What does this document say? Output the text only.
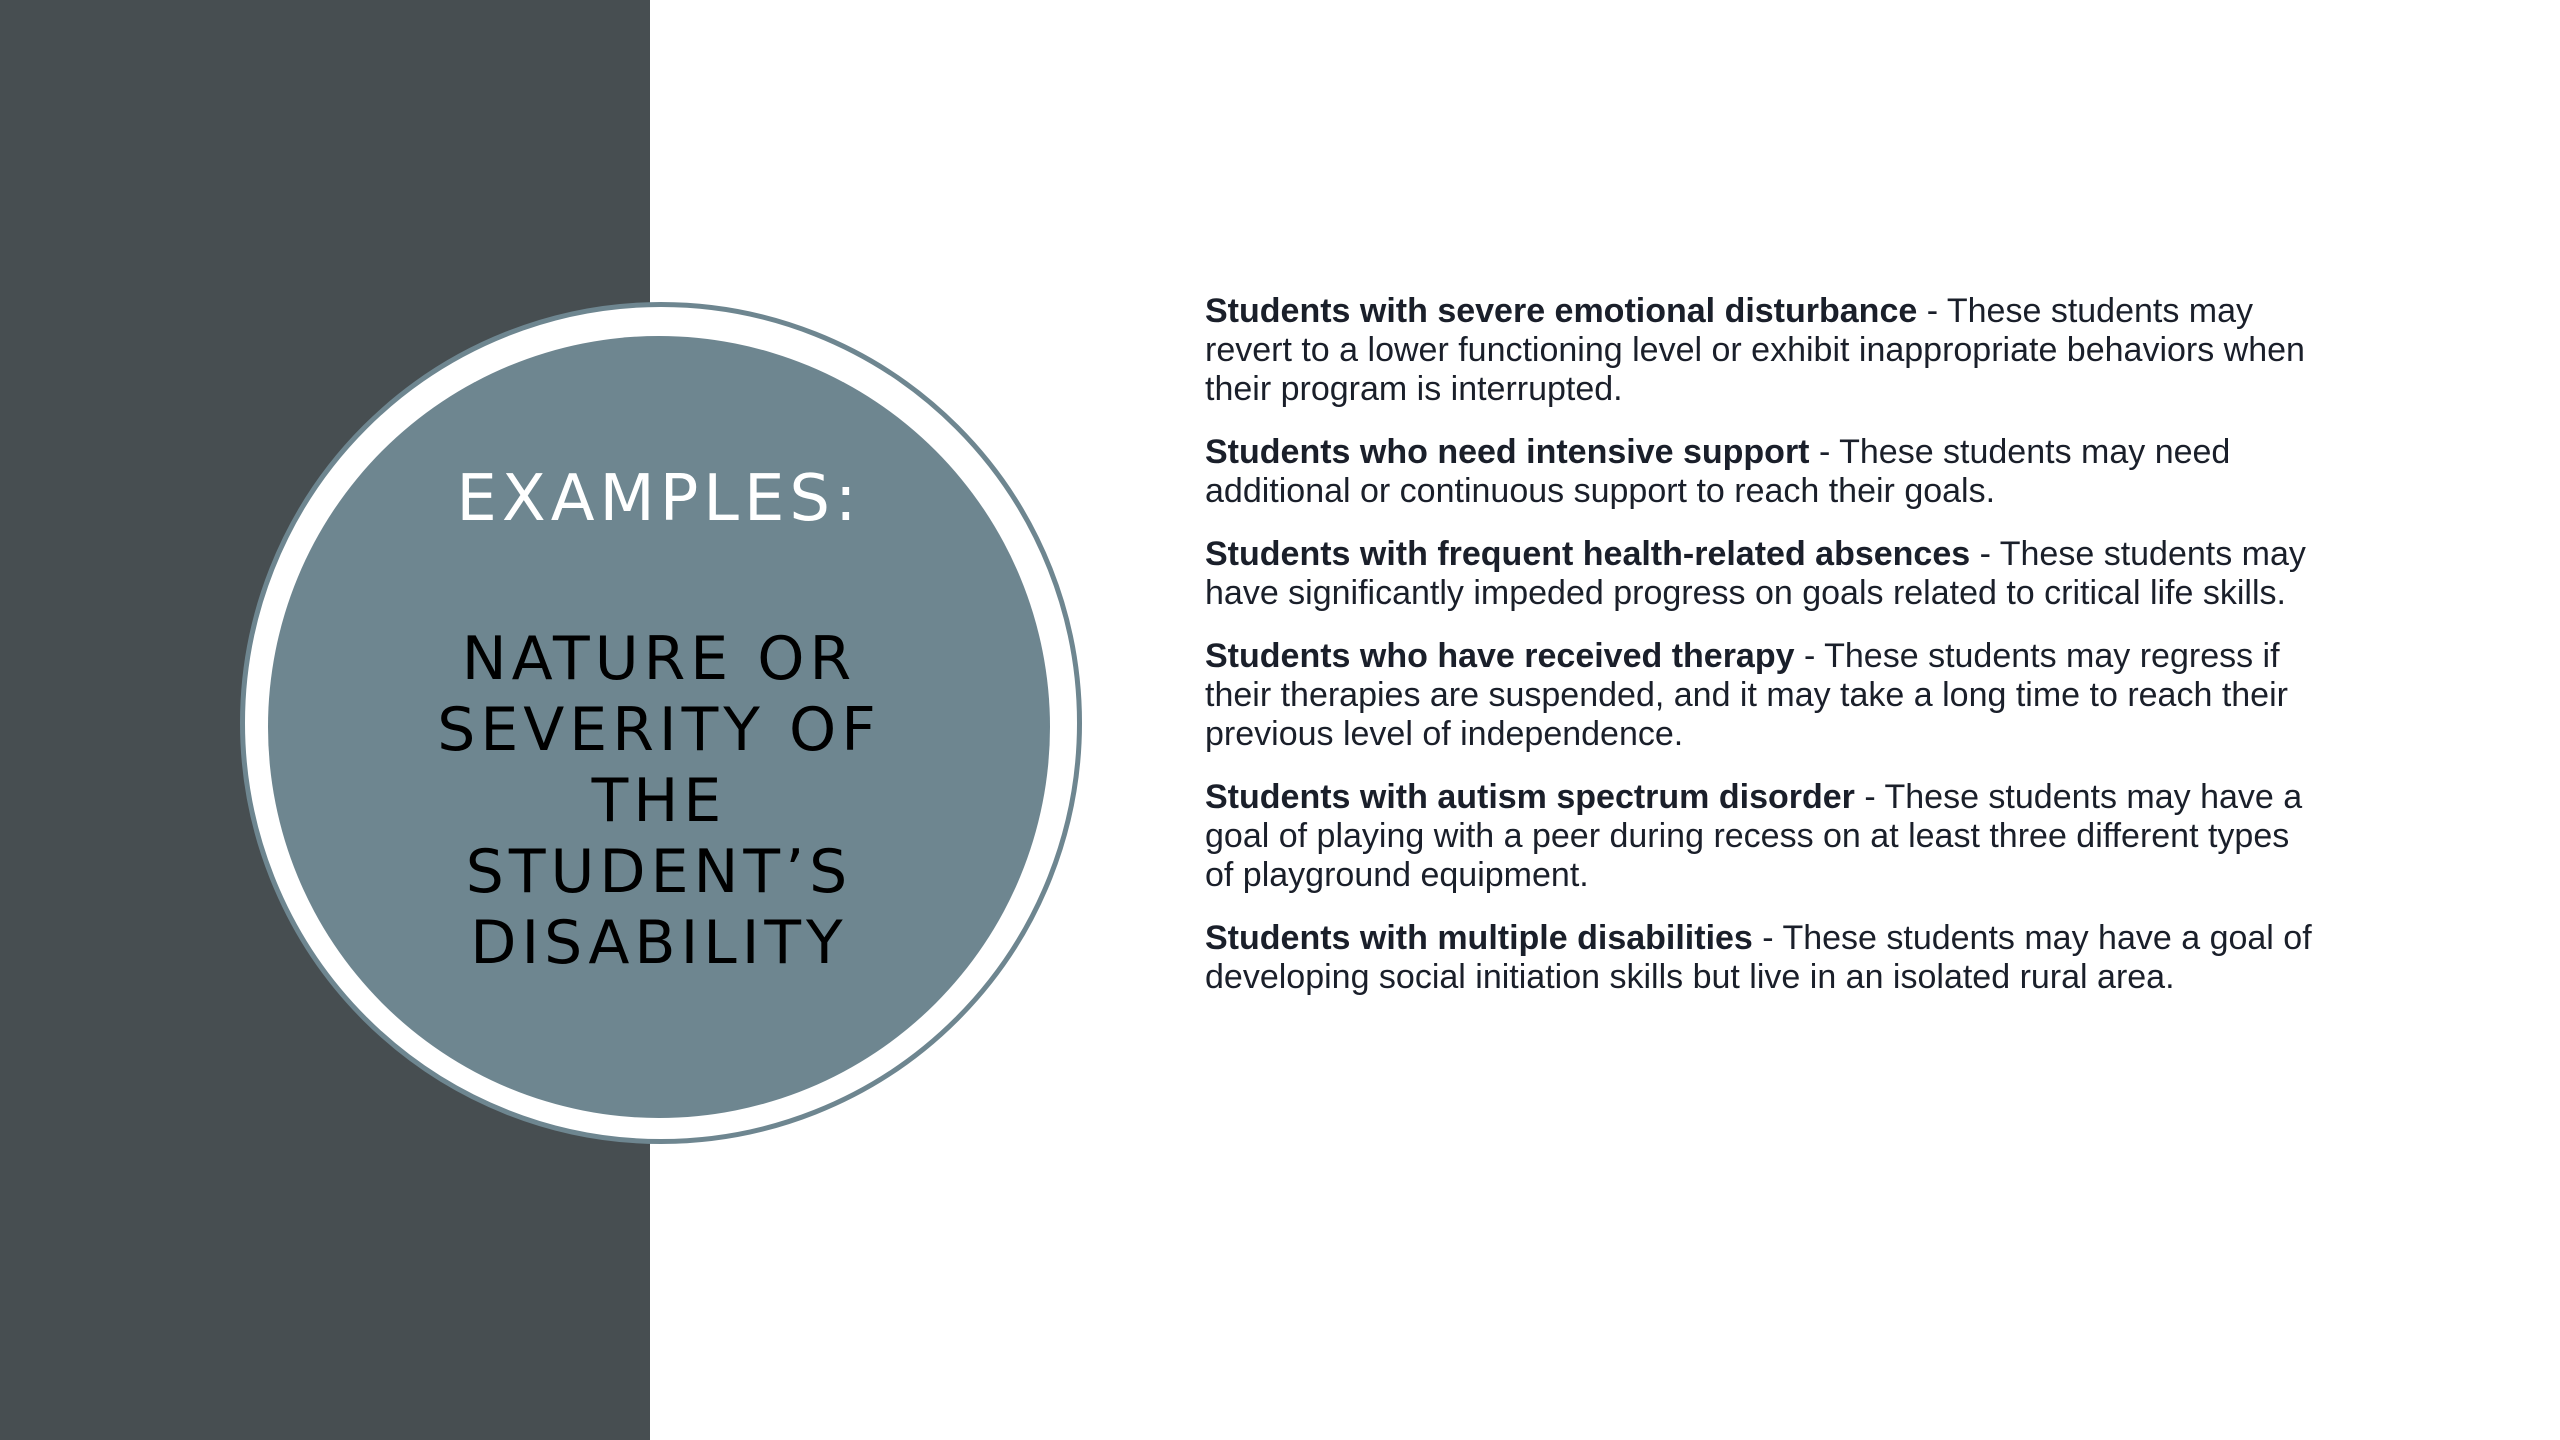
EXAMPLES:
NATURE OR SEVERITY OF THE STUDENT’S DISABILITY

Students with severe emotional disturbance - These students may revert to a lower functioning level or exhibit inappropriate behaviors when their program is interrupted.

Students who need intensive support - These students may need additional or continuous support to reach their goals.

Students with frequent health-related absences - These students may have significantly impeded progress on goals related to critical life skills.

Students who have received therapy - These students may regress if their therapies are suspended, and it may take a long time to reach their previous level of independence.

Students with autism spectrum disorder - These students may have a goal of playing with a peer during recess on at least three different types of playground equipment.

Students with multiple disabilities - These students may have a goal of developing social initiation skills but live in an isolated rural area.
